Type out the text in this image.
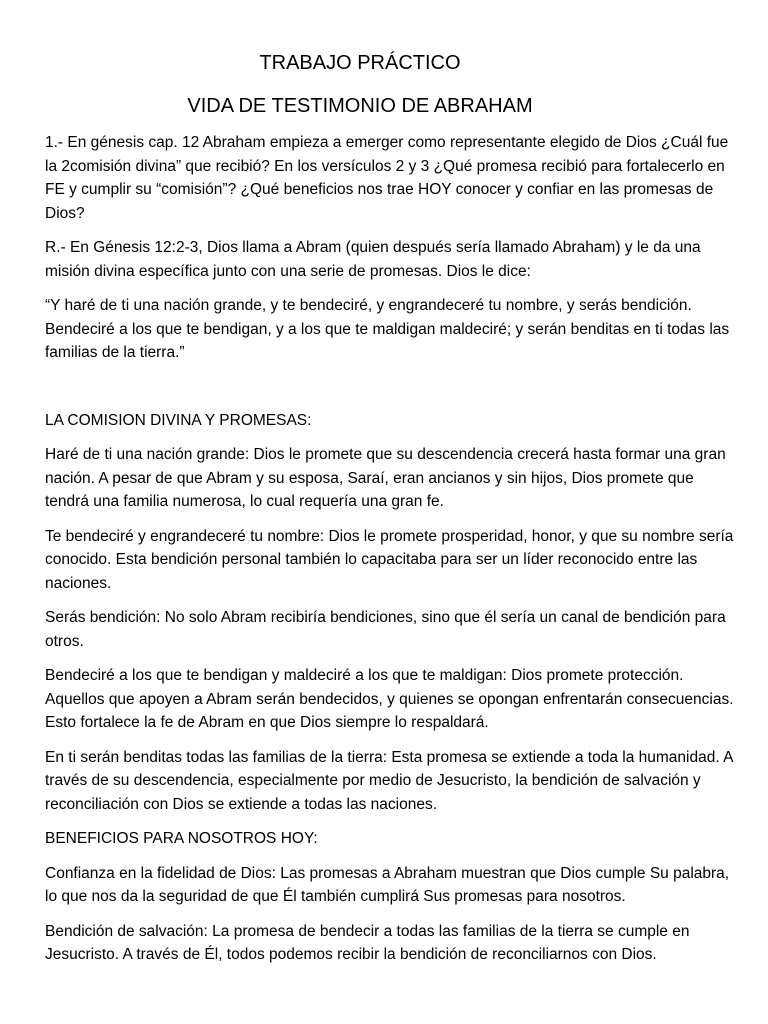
TRABAJO PRÁCTICO
VIDA DE TESTIMONIO DE ABRAHAM

1.- En génesis cap. 12 Abraham empieza a emerger como representante elegido de Dios ¿Cuál fue la 2comisión divina” que recibió? En los versículos 2 y 3 ¿Qué promesa recibió para fortalecerlo en FE y cumplir su “comisión”? ¿Qué beneficios nos trae HOY conocer y confiar en las promesas de Dios?

R.- En Génesis 12:2-3, Dios llama a Abram (quien después sería llamado Abraham) y le da una misión divina específica junto con una serie de promesas. Dios le dice:

“Y haré de ti una nación grande, y te bendeciré, y engrandeceré tu nombre, y serás bendición. Bendeciré a los que te bendigan, y a los que te maldigan maldeciré; y serán benditas en ti todas las familias de la tierra.”

LA COMISION DIVINA Y PROMESAS:

Haré de ti una nación grande: Dios le promete que su descendencia crecerá hasta formar una gran nación. A pesar de que Abram y su esposa, Saraí, eran ancianos y sin hijos, Dios promete que tendrá una familia numerosa, lo cual requería una gran fe.

Te bendeciré y engrandeceré tu nombre: Dios le promete prosperidad, honor, y que su nombre sería conocido. Esta bendición personal también lo capacitaba para ser un líder reconocido entre las naciones.

Serás bendición: No solo Abram recibiría bendiciones, sino que él sería un canal de bendición para otros.

Bendeciré a los que te bendigan y maldeciré a los que te maldigan: Dios promete protección. Aquellos que apoyen a Abram serán bendecidos, y quienes se opongan enfrentarán consecuencias. Esto fortalece la fe de Abram en que Dios siempre lo respaldará.

En ti serán benditas todas las familias de la tierra: Esta promesa se extiende a toda la humanidad. A través de su descendencia, especialmente por medio de Jesucristo, la bendición de salvación y reconciliación con Dios se extiende a todas las naciones.

BENEFICIOS PARA NOSOTROS HOY:

Confianza en la fidelidad de Dios: Las promesas a Abraham muestran que Dios cumple Su palabra, lo que nos da la seguridad de que Él también cumplirá Sus promesas para nosotros.

Bendición de salvación: La promesa de bendecir a todas las familias de la tierra se cumple en Jesucristo. A través de Él, todos podemos recibir la bendición de reconciliarnos con Dios.
